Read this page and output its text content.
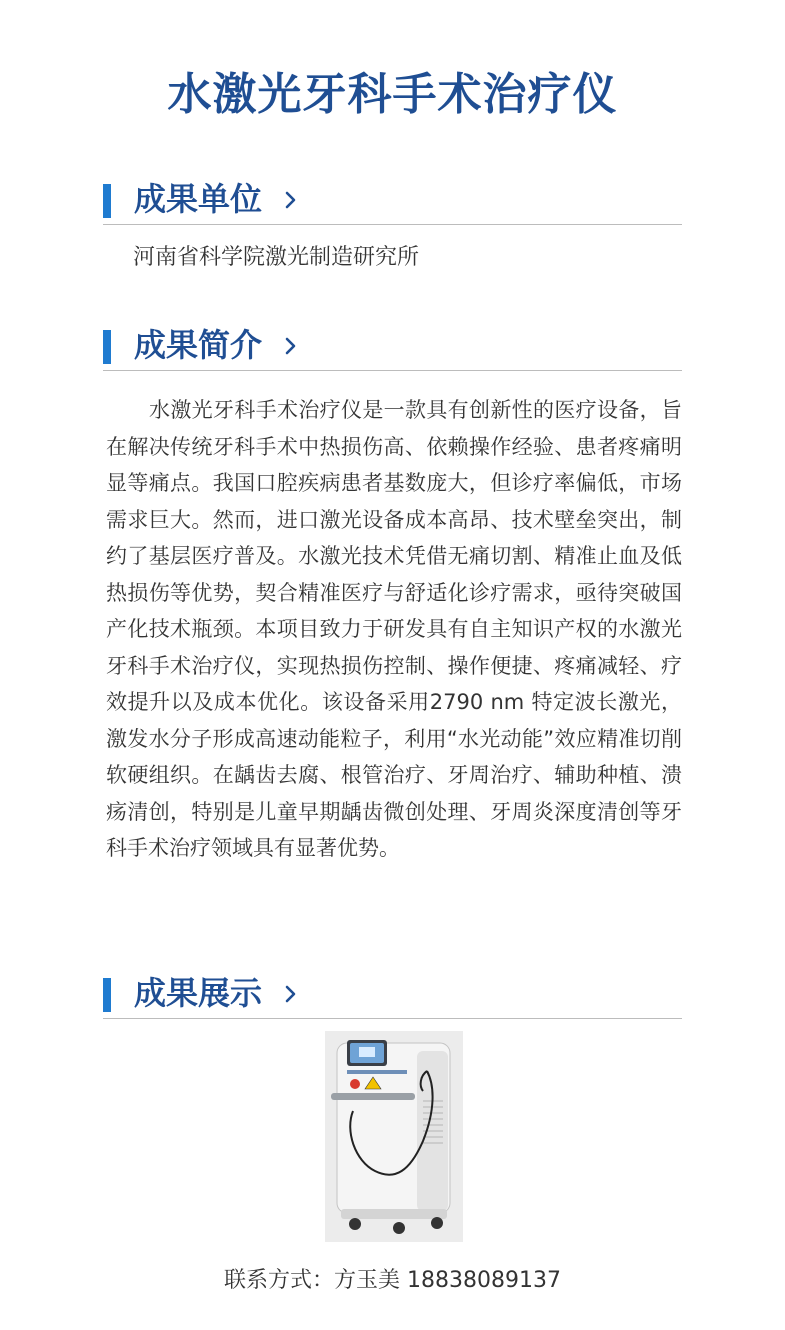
水激光牙科手术治疗仪
成果单位
河南省科学院激光制造研究所
成果简介

水激光牙科手术治疗仪是一款具有创新性的医疗设备，旨在解决传统牙科手术中热损伤高、依赖操作经验、患者疼痛明显等痛点。我国口腔疾病患者基数庞大，但诊疗率偏低，市场需求巨大。然而，进口激光设备成本高昂、技术壁垒突出，制约了基层医疗普及。水激光技术凭借无痛切割、精准止血及低热损伤等优势，契合精准医疗与舒适化诊疗需求，亟待突破国产化技术瓶颈。本项目致力于研发具有自主知识产权的水激光牙科手术治疗仪，实现热损伤控制、操作便捷、疼痛减轻、疗效提升以及成本优化。该设备采用2790 nm 特定波长激光，激发水分子形成高速动能粒子，利用“水光动能”效应精准切削软硬组织。在龋齿去腐、根管治疗、牙周治疗、辅助种植、溃疡清创，特别是儿童早期龋齿微创处理、牙周炎深度清创等牙科手术治疗领域具有显著优势。

成果展示
联系方式：方玉美 18838089137
